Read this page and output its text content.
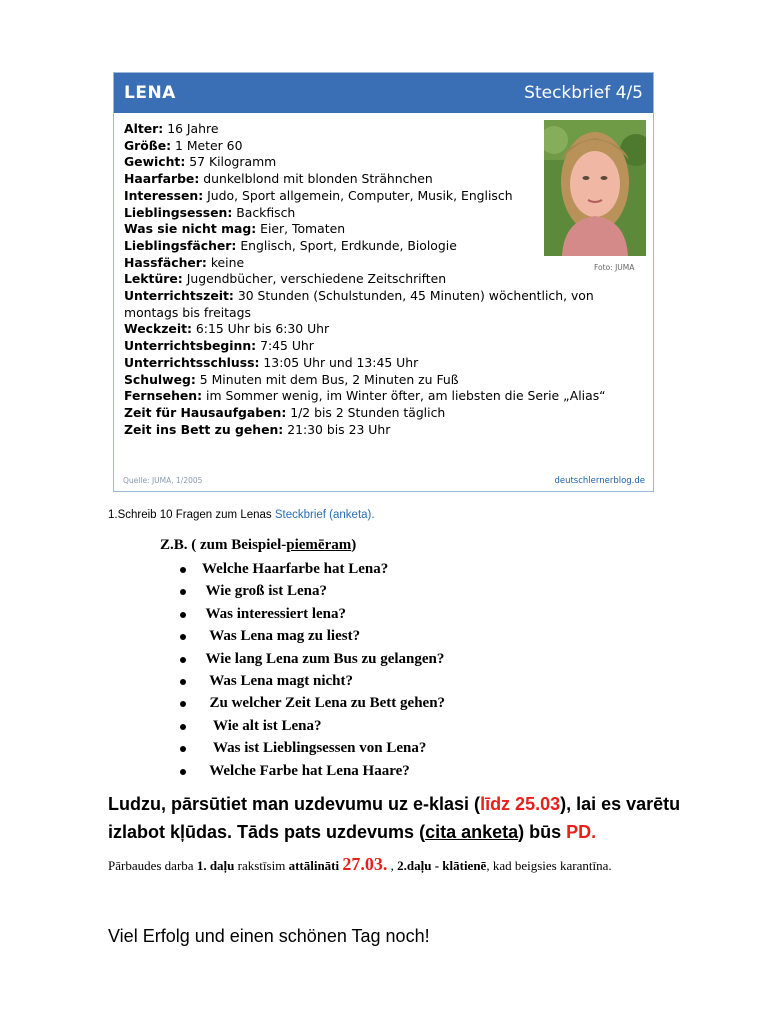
LENA	Steckbrief 4/5

Alter: 16 Jahre

Größe: 1 Meter 60

Gewicht: 57 Kilogramm

Haarfarbe: dunkelblond mit blonden Strähnchen

Interessen: Judo, Sport allgemein, Computer, Musik, Englisch

Lieblingsessen: Backfisch

Was sie nicht mag: Eier, Tomaten

Lieblingsfächer: Englisch, Sport, Erdkunde, Biologie

Hassfächer: keine

Lektüre: Jugendbücher, verschiedene Zeitschriften

Unterrichtszeit: 30 Stunden (Schulstunden, 45 Minuten) wöchentlich, von montags bis freitags

Weckzeit: 6:15 Uhr bis 6:30 Uhr

Unterrichtsbeginn: 7:45 Uhr

Unterrichtsschluss: 13:05 Uhr und 13:45 Uhr

Schulweg: 5 Minuten mit dem Bus, 2 Minuten zu Fuß

Fernsehen: im Sommer wenig, im Winter öfter, am liebsten die Serie „Alias“

Zeit für Hausaufgaben: 1/2 bis 2 Stunden täglich

Zeit ins Bett zu gehen: 21:30 bis 23 Uhr

Foto: JUMA
Quelle: JUMA, 1/2005	deutschlernerblog.de
1.Schreib 10 Fragen zum Lenas Steckbrief (anketa).
Z.B. ( zum Beispiel-piemēram)
Welche Haarfarbe hat Lena?
Wie groß ist Lena?
Was interessiert lena?
Was Lena mag zu liest?
Wie lang Lena zum Bus zu gelangen?
Was Lena magt nicht?
Zu welcher Zeit Lena zu Bett gehen?
Wie alt ist Lena?
Was ist Lieblingsessen von Lena?
Welche Farbe hat Lena Haare?
Ludzu, pārsūtiet man uzdevumu uz e-klasi (līdz 25.03), lai es varētu izlabot kļūdas. Tāds pats uzdevums (cita anketa) būs PD.
Pārbaudes darba 1. daļu rakstīsim attālināti 27.03. , 2.daļu - klātienē, kad beigsies karantīna.
Viel Erfolg und einen schönen Tag noch!
